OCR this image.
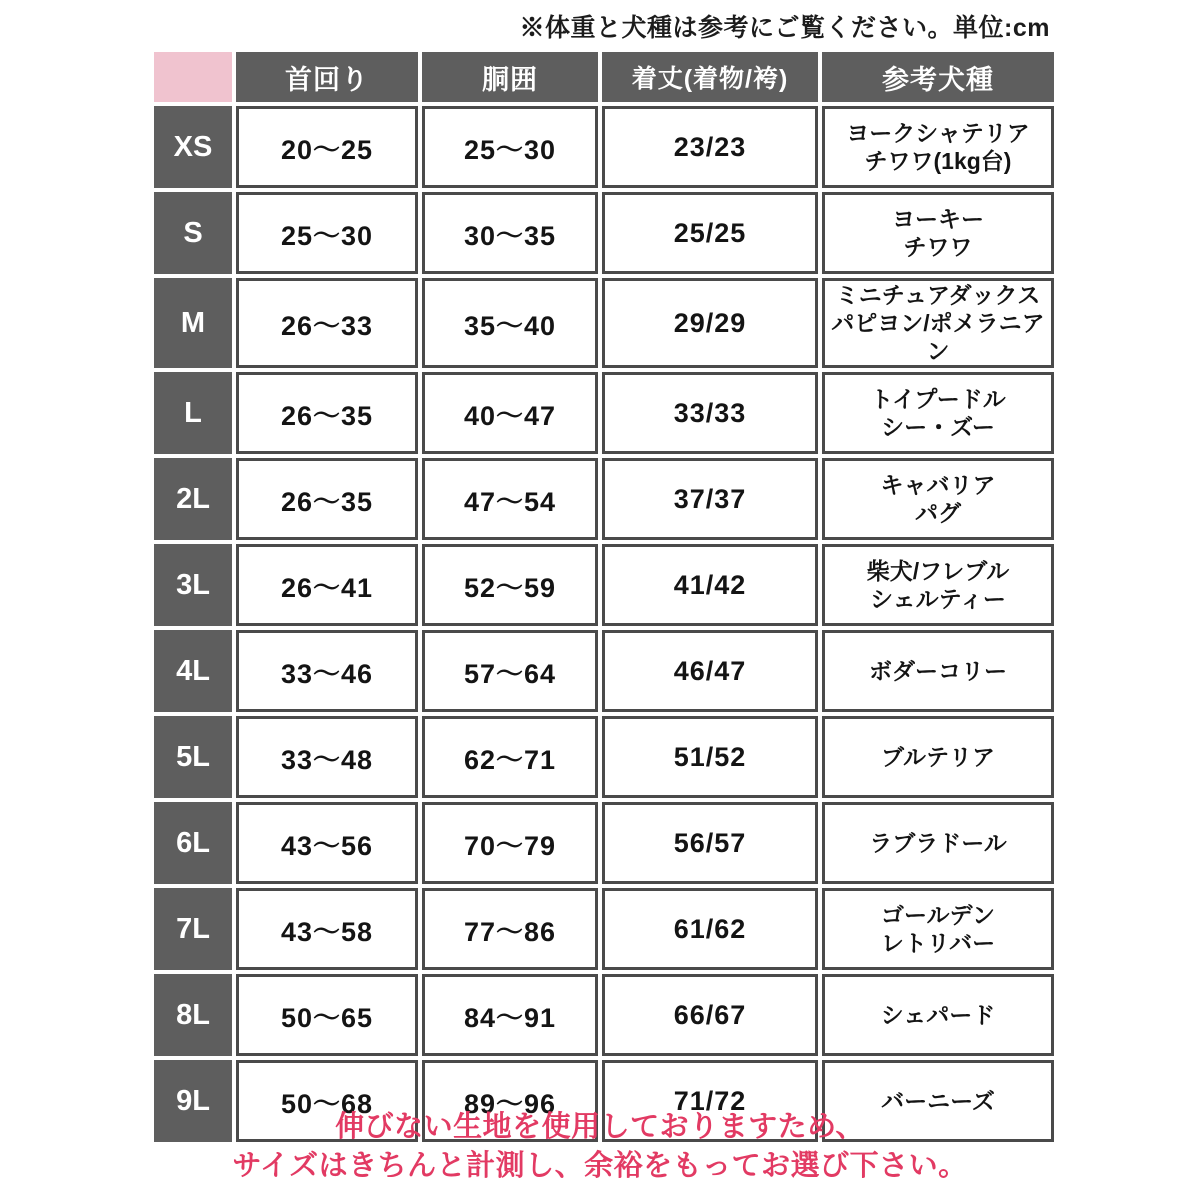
※体重と犬種は参考にご覧ください。単位:cm
	首回り	胴囲	着丈(着物/袴)	参考犬種
XS	20〜25	25〜30	23/23	ヨークシャテリア
チワワ(1kg台)

S	25〜30	30〜35	25/25	ヨーキー
チワワ

M	26〜33	35〜40	29/29	ミニチュアダックス
パピヨン/ポメラニアン

L	26〜35	40〜47	33/33	トイプードル
シー・ズー

2L	26〜35	47〜54	37/37	キャバリア
パグ

3L	26〜41	52〜59	41/42	柴犬/フレブル
シェルティー

4L	33〜46	57〜64	46/47	ボダーコリー
5L	33〜48	62〜71	51/52	ブルテリア
6L	43〜56	70〜79	56/57	ラブラドール
7L	43〜58	77〜86	61/62	ゴールデン
レトリバー

8L	50〜65	84〜91	66/67	シェパード
9L	50〜68	89〜96	71/72	バーニーズ
伸びない生地を使用しておりますため、
サイズはきちんと計測し、余裕をもってお選び下さい。
